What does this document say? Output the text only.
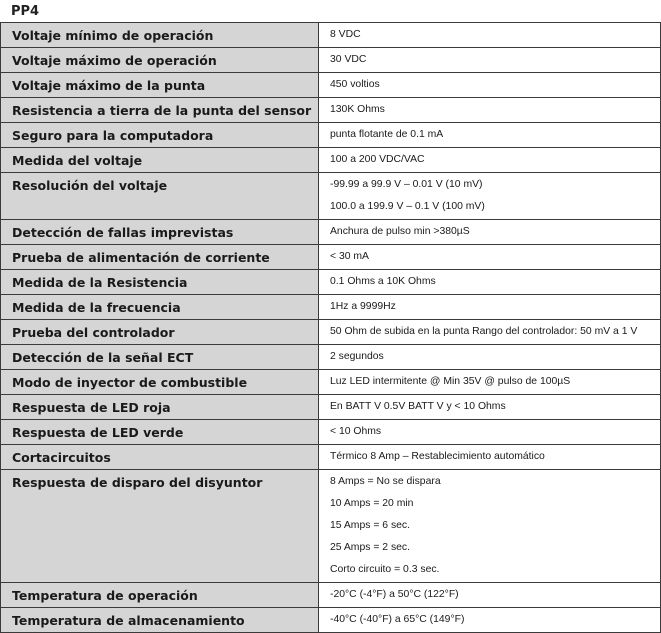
PP4
Voltaje mínimo de operación	8 VDC

Voltaje máximo de operación	30 VDC

Voltaje máximo de la punta	450 voltios

Resistencia a tierra de la punta del sensor	130K Ohms

Seguro para la computadora	punta flotante de 0.1 mA

Medida del voltaje	100 a 200 VDC/VAC

Resolución del voltaje	-99.99 a 99.9 V – 0.01 V (10 mV)
100.0 a 199.9 V – 0.1 V (100 mV)

Detección de fallas imprevistas	Anchura de pulso min >380µS

Prueba de alimentación de corriente	< 30 mA

Medida de la Resistencia	0.1 Ohms a 10K Ohms

Medida de la frecuencia	1Hz a 9999Hz

Prueba del controlador	50 Ohm de subida en la punta Rango del controlador: 50 mV a 1 V

Detección de la señal ECT	2 segundos

Modo de inyector de combustible	Luz LED intermitente @ Min 35V @ pulso de 100µS

Respuesta de LED roja	En BATT V 0.5V BATT V y < 10 Ohms

Respuesta de LED verde	< 10 Ohms

Cortacircuitos	Térmico 8 Amp – Restablecimiento automático

Respuesta de disparo del disyuntor	8 Amps = No se dispara
10 Amps = 20 min
15 Amps = 6 sec.
25 Amps = 2 sec.
Corto circuito = 0.3 sec.

Temperatura de operación	-20°C (-4°F) a 50°C (122°F)

Temperatura de almacenamiento	-40°C (-40°F) a 65°C (149°F)
